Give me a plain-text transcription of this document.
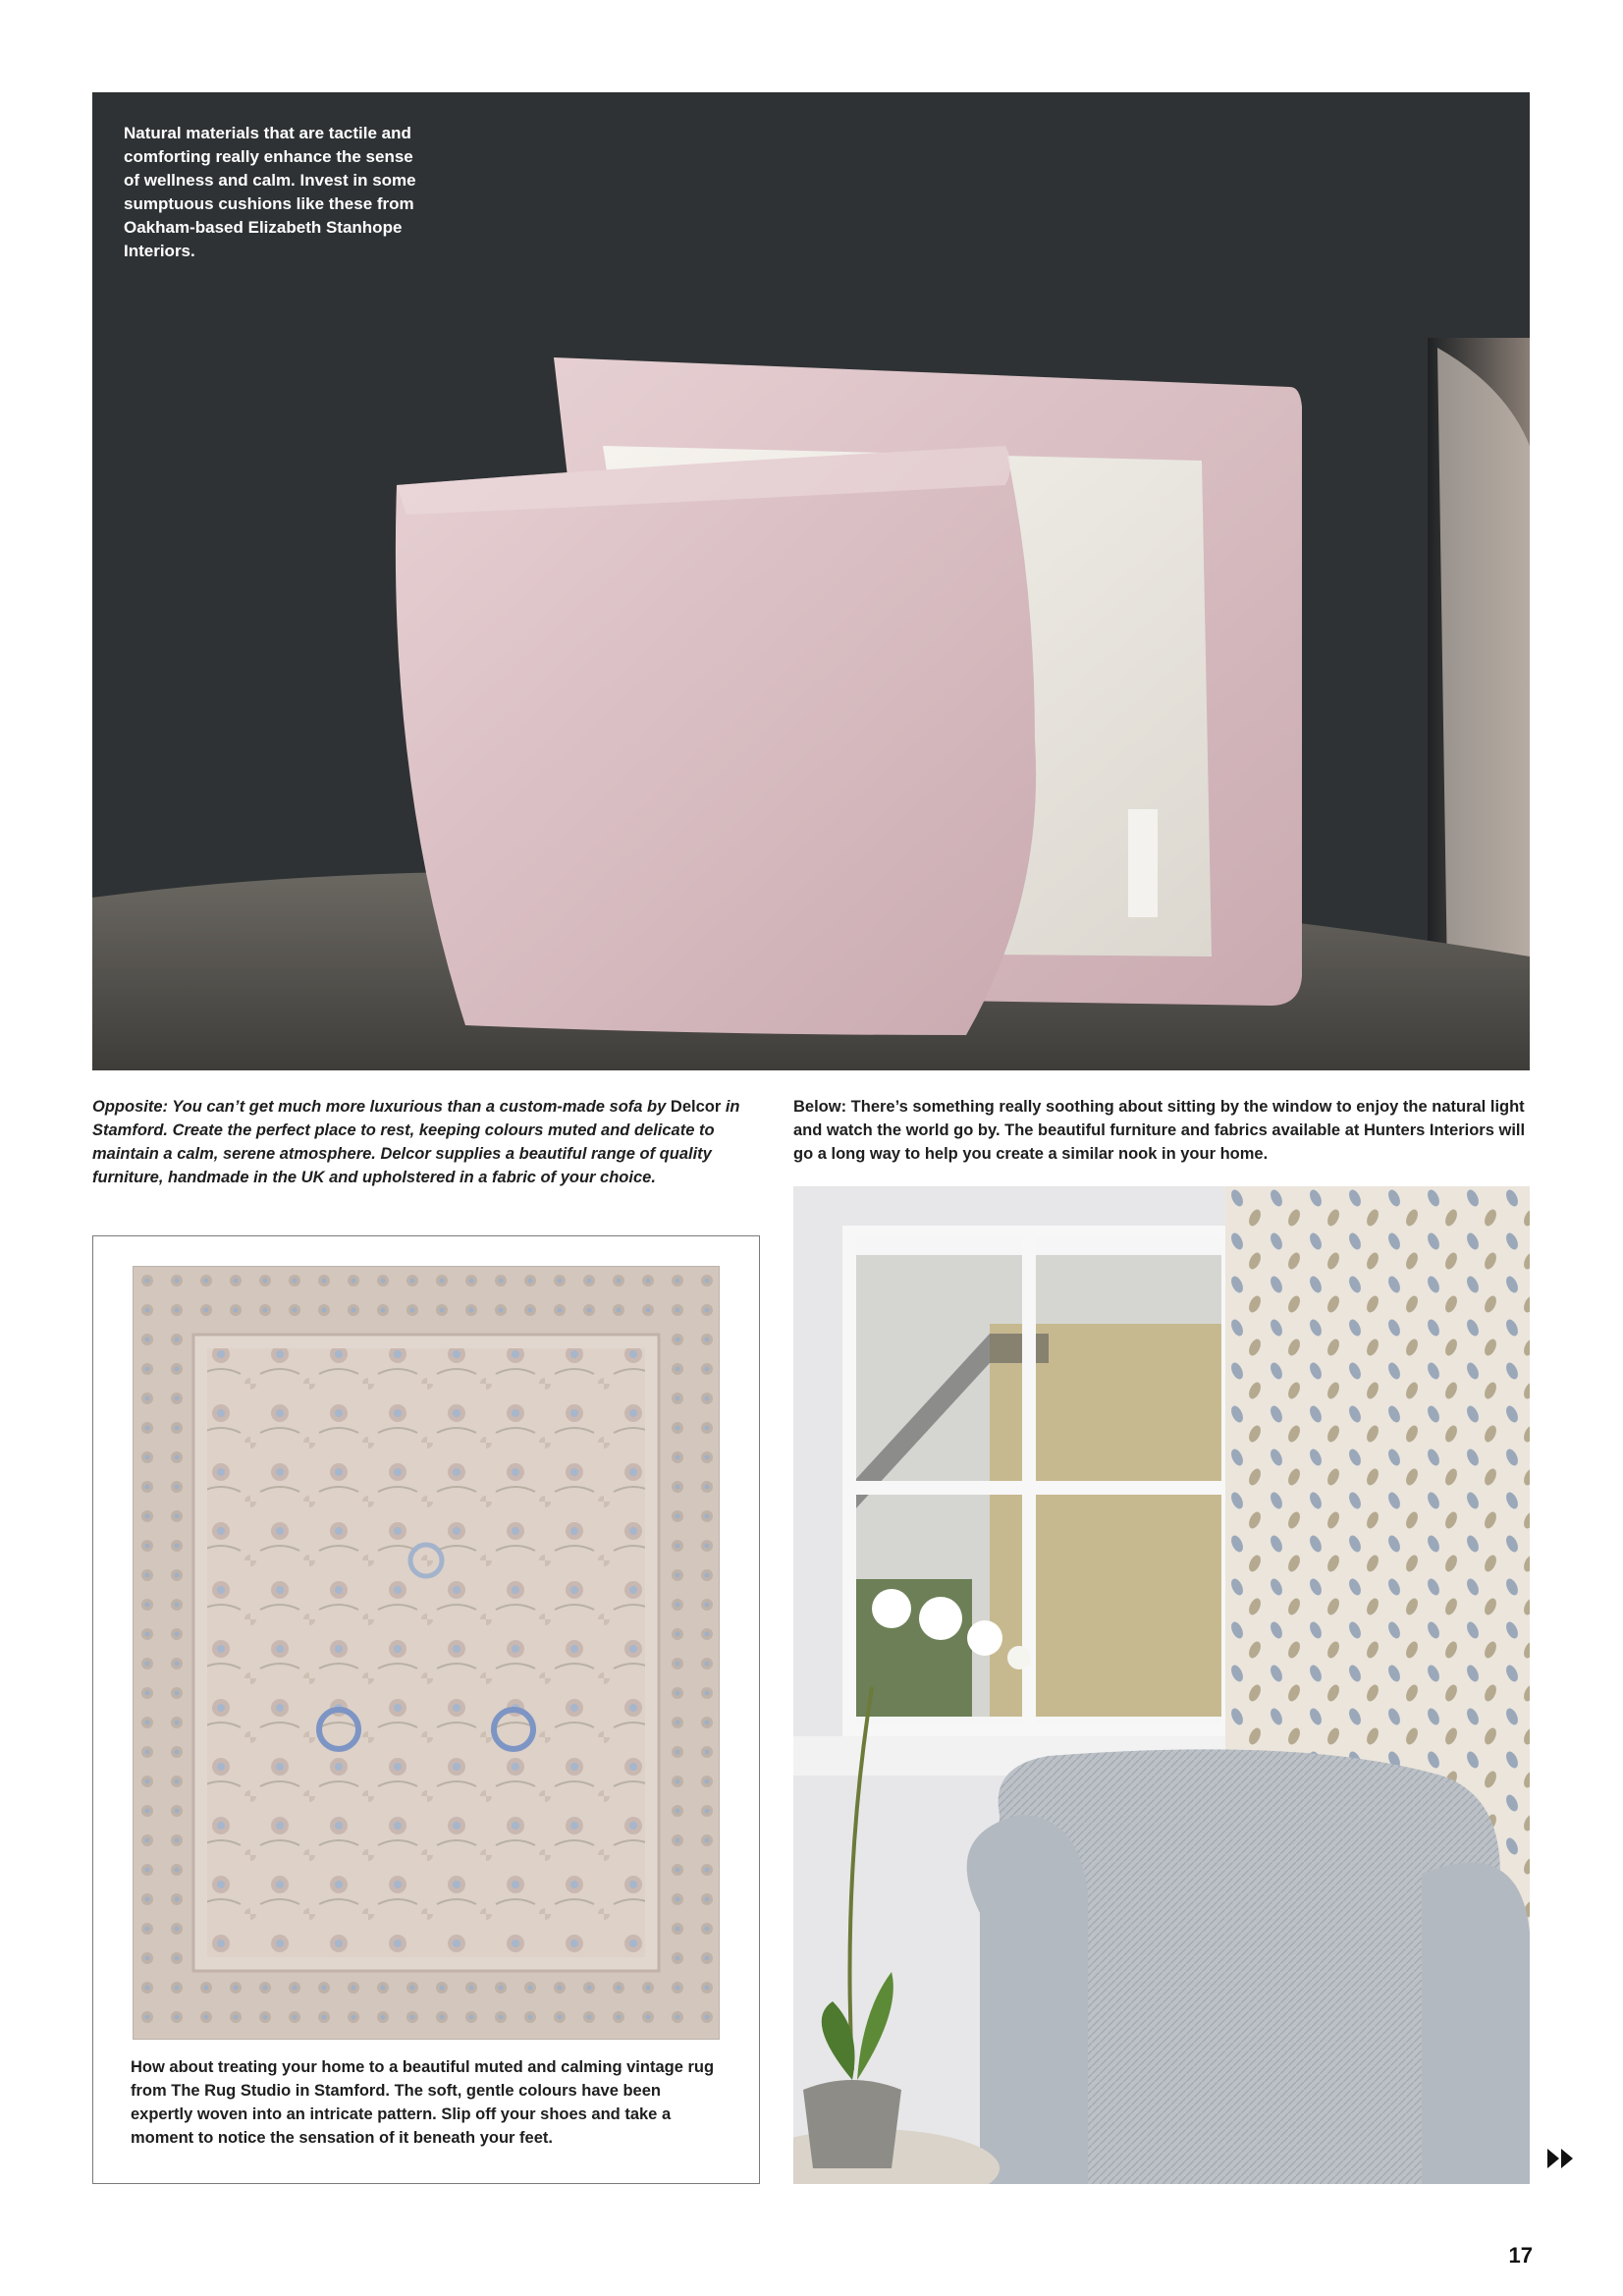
Natural materials that are tactile and comforting really enhance the sense of wellness and calm. Invest in some sumptuous cushions like these from Oakham-based Elizabeth Stanhope Interiors.
Opposite: You can’t get much more luxurious than a custom-made sofa by Delcor in Stamford. Create the perfect place to rest, keeping colours muted and delicate to maintain a calm, serene atmosphere. Delcor supplies a beautiful range of quality furniture, handmade in the UK and upholstered in a fabric of your choice.
Below: There’s something really soothing about sitting by the window to enjoy the natural light and watch the world go by. The beautiful furniture and fabrics available at Hunters Interiors will go a long way to help you create a similar nook in your home.
How about treating your home to a beautiful muted and calming vintage rug from The Rug Studio in Stamford. The soft, gentle colours have been expertly woven into an intricate pattern. Slip off your shoes and take a moment to notice the sensation of it beneath your feet.
17
